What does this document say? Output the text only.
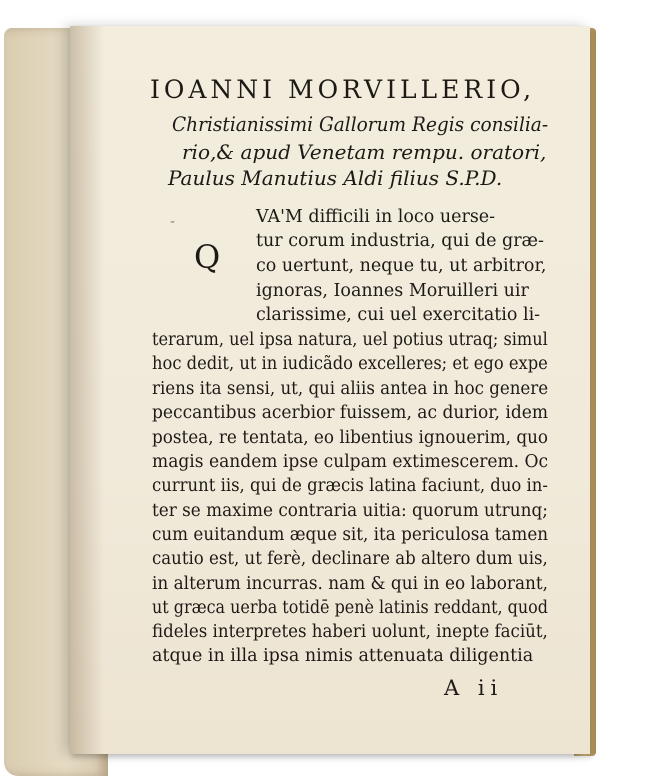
IOANNI MORVILLERIO,
Christianissimi Gallorum Regis consilia-
rio,& apud Venetam rempu. oratori,
Paulus Manutius Aldi filius S.P.D.
-
Q
VA'M difficili in loco uerse-
tur corum industria, qui de græ-
co uertunt, neque tu, ut arbitror,
ignoras, Ioannes Moruilleri uir
clarissime, cui uel exercitatio li-
terarum, uel ipsa natura, uel potius utraq; simul
hoc dedit, ut in iudicãdo excelleres; et ego expe
riens ita sensi, ut, qui aliis antea in hoc genere
peccantibus acerbior fuissem, ac durior, idem
postea, re tentata, eo libentius ignouerim, quo
magis eandem ipse culpam extimescerem. Oc
currunt iis, qui de græcis latina faciunt, duo in-
ter se maxime contraria uitia: quorum utrunq;
cum euitandum æque sit, ita periculosa tamen
cautio est, ut ferè, declinare ab altero dum uis,
in alterum incurras. nam & qui in eo laborant,
ut græca uerba totidē penè latinis reddant, quod
fideles interpretes haberi uolunt, inepte faciūt,
atque in illa ipsa nimis attenuata diligentia
A ii
